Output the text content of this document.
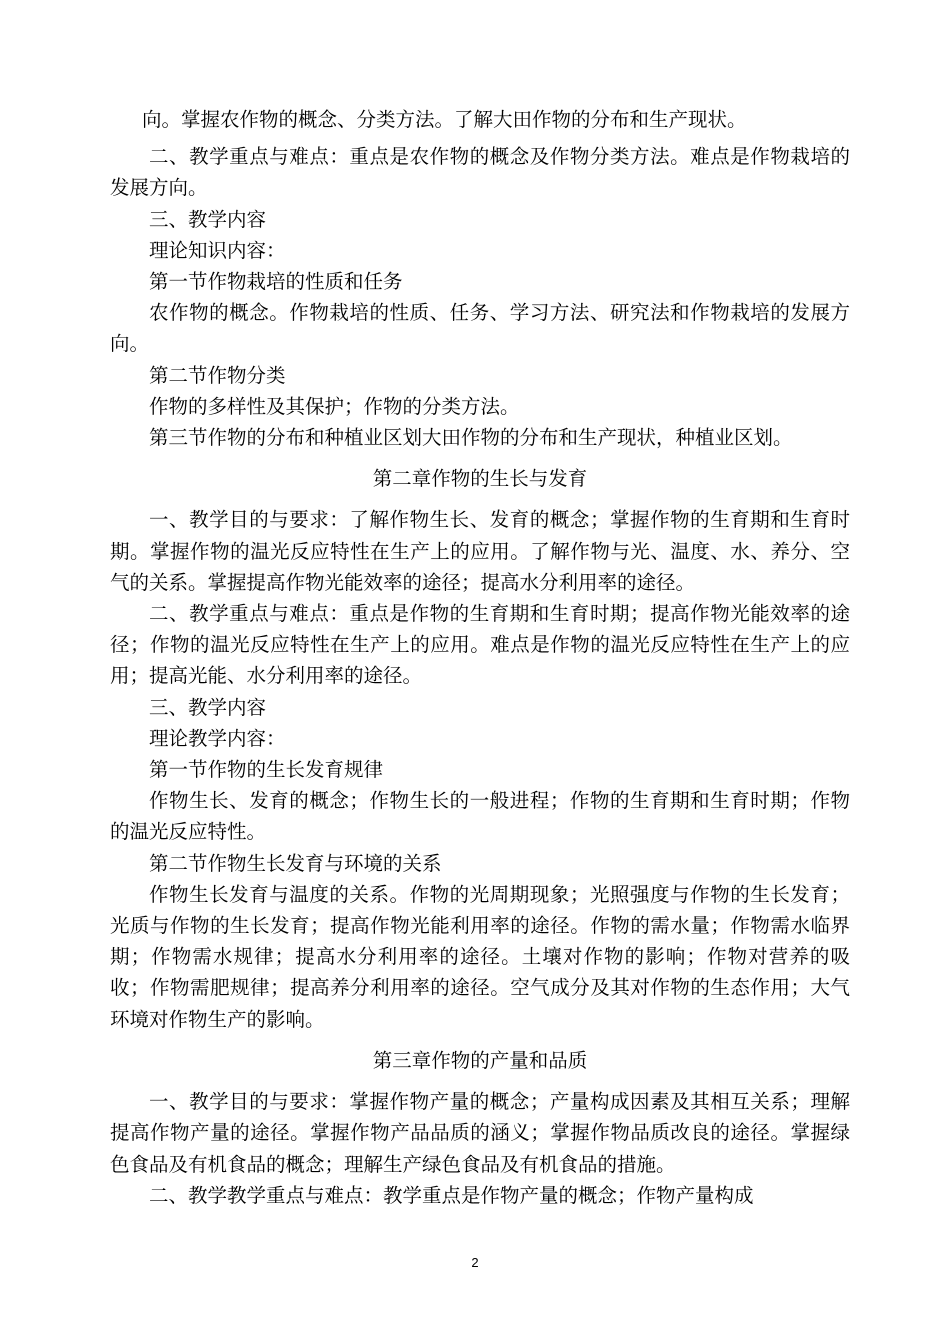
向。掌握农作物的概念、分类方法。了解大田作物的分布和生产现状。

二、教学重点与难点：重点是农作物的概念及作物分类方法。难点是作物栽培的发展方向。

三、教学内容

理论知识内容：

第一节作物栽培的性质和任务

农作物的概念。作物栽培的性质、任务、学习方法、研究法和作物栽培的发展方向。

第二节作物分类

作物的多样性及其保护；作物的分类方法。

第三节作物的分布和种植业区划大田作物的分布和生产现状，种植业区划。

第二章作物的生长与发育

一、教学目的与要求：了解作物生长、发育的概念；掌握作物的生育期和生育时期。掌握作物的温光反应特性在生产上的应用。了解作物与光、温度、水、养分、空气的关系。掌握提高作物光能效率的途径；提高水分利用率的途径。

二、教学重点与难点：重点是作物的生育期和生育时期；提高作物光能效率的途径；作物的温光反应特性在生产上的应用。难点是作物的温光反应特性在生产上的应用；提高光能、水分利用率的途径。

三、教学内容

理论教学内容：

第一节作物的生长发育规律

作物生长、发育的概念；作物生长的一般进程；作物的生育期和生育时期；作物的温光反应特性。

第二节作物生长发育与环境的关系

作物生长发育与温度的关系。作物的光周期现象；光照强度与作物的生长发育；光质与作物的生长发育；提高作物光能利用率的途径。作物的需水量；作物需水临界期；作物需水规律；提高水分利用率的途径。土壤对作物的影响；作物对营养的吸收；作物需肥规律；提高养分利用率的途径。空气成分及其对作物的生态作用；大气环境对作物生产的影响。

第三章作物的产量和品质

一、教学目的与要求：掌握作物产量的概念；产量构成因素及其相互关系；理解提高作物产量的途径。掌握作物产品品质的涵义；掌握作物品质改良的途径。掌握绿色食品及有机食品的概念；理解生产绿色食品及有机食品的措施。

二、教学教学重点与难点：教学重点是作物产量的概念；作物产量构成

2
